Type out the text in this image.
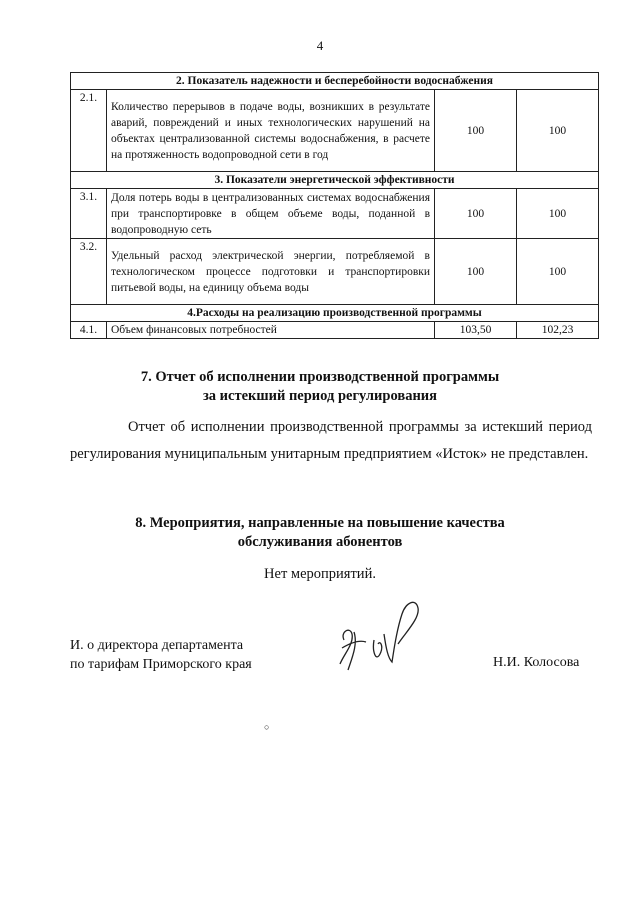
4
2. Показатель надежности и бесперебойности водоснабжения			
2.1.	Количество перерывов в подаче воды, возникших в результате аварий, повреждений и иных технологических нарушений на объектах централизованной системы водоснабжения, в расчете на протяженность водопроводной сети в год	100	100
3. Показатели энергетической эффективности			
3.1.	Доля потерь воды в централизованных системах водоснабжения при транспортировке в общем объеме воды, поданной в водопроводную сеть	100	100
3.2.	Удельный расход электрической энергии, потребляемой в технологическом процессе подготовки и транспортировки питьевой воды, на единицу объема воды	100	100
4.Расходы на реализацию производственной программы			
4.1.	Объем финансовых потребностей	103,50	102,23
7. Отчет об исполнении производственной программы
за истекший период регулирования
Отчет об исполнении производственной программы за истекший период регулирования муниципальным унитарным предприятием «Исток» не представлен.
8. Мероприятия, направленные на повышение качества
обслуживания абонентов
Нет мероприятий.
И. о директора департамента
по тарифам Приморского края	Н.И. Колосова
○
